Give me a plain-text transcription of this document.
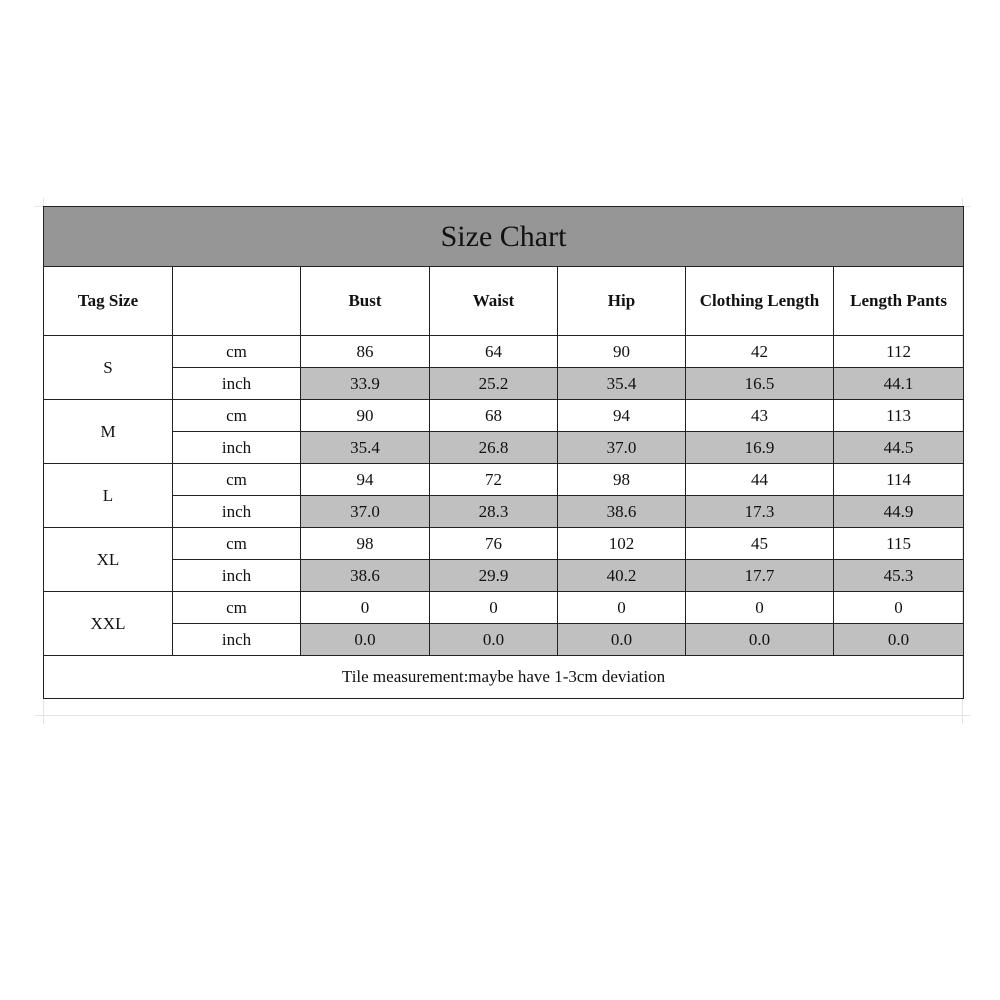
Size Chart						
Tag Size		Bust	Waist	Hip	Clothing Length	Length Pants
S	cm	86	64	90	42	112
	inch	33.9	25.2	35.4	16.5	44.1
M	cm	90	68	94	43	113
	inch	35.4	26.8	37.0	16.9	44.5
L	cm	94	72	98	44	114
	inch	37.0	28.3	38.6	17.3	44.9
XL	cm	98	76	102	45	115
	inch	38.6	29.9	40.2	17.7	45.3
XXL	cm	0	0	0	0	0
	inch	0.0	0.0	0.0	0.0	0.0
Tile measurement:maybe have 1-3cm deviation						
